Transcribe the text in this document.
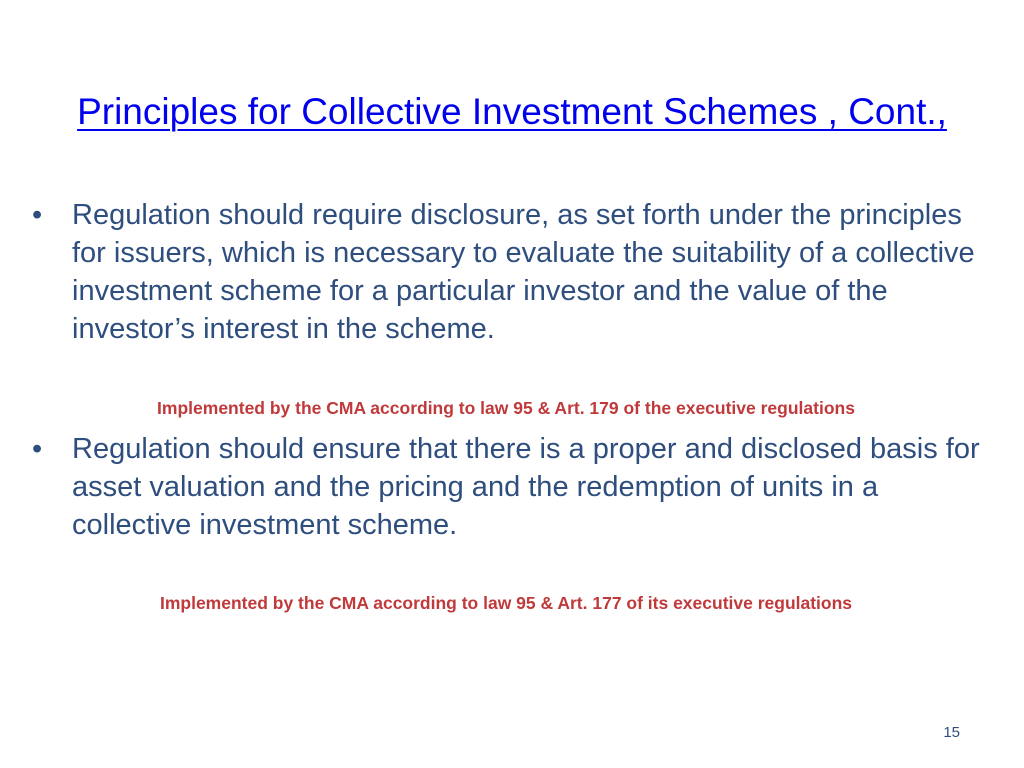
Principles for Collective Investment Schemes , Cont.,
•	Regulation should require disclosure, as set forth under the principles for issuers, which is necessary to evaluate the suitability of a collective investment scheme for a particular investor and the value of the investor’s interest in the scheme.
Implemented by the CMA according to law 95 & Art. 179 of the executive regulations
•	Regulation should ensure that there is a proper and disclosed basis for asset valuation and the pricing and the redemption of units in a collective investment scheme.
Implemented by the CMA according to law 95 & Art. 177 of its executive regulations
15
